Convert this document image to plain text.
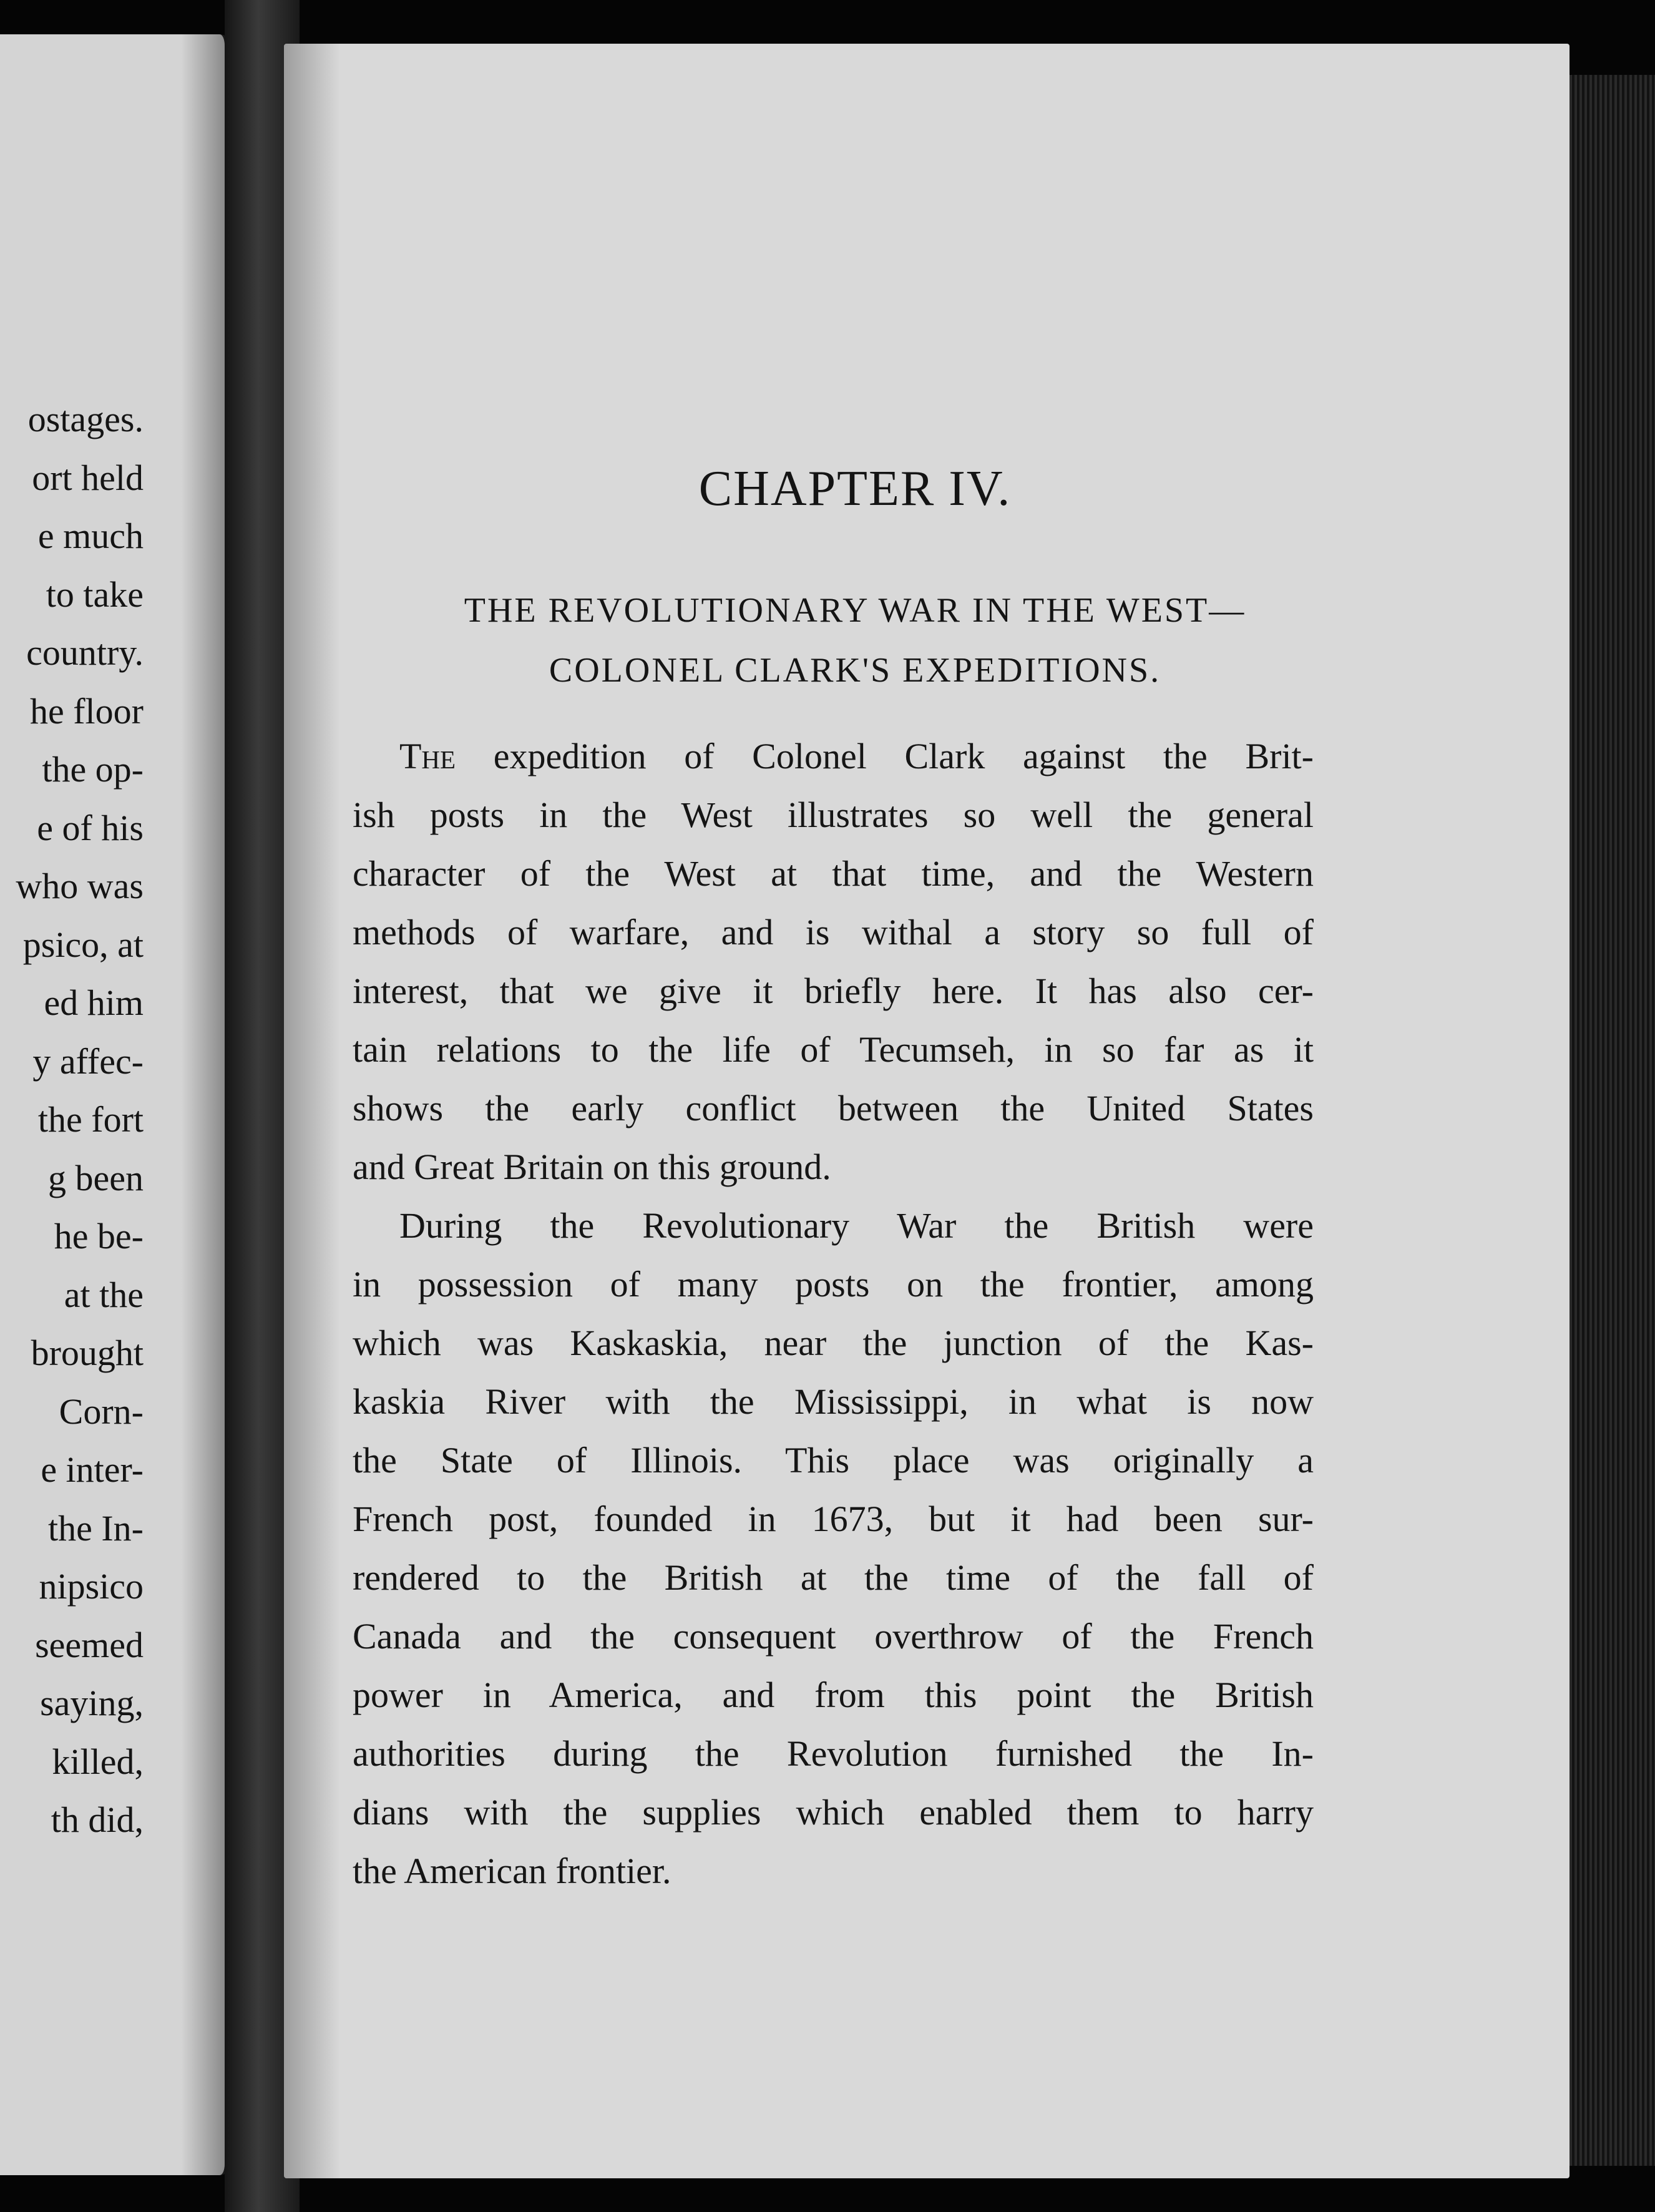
ostages.
ort held
e much
to take
country.
he floor
the op-
e of his
who was
psico, at
ed him
y affec-
the fort
g been
he be-
at the
brought
Corn-
e inter-
the In-
nipsico
seemed
saying,
killed,
th did,
CHAPTER IV.
THE REVOLUTIONARY WAR IN THE WEST—
COLONEL CLARK'S EXPEDITIONS.
The expedition of Colonel Clark against the Brit-
ish posts in the West illustrates so well the general
character of the West at that time, and the Western
methods of warfare, and is withal a story so full of
interest, that we give it briefly here. It has also cer-
tain relations to the life of Tecumseh, in so far as it
shows the early conflict between the United States
and Great Britain on this ground.
During the Revolutionary War the British were
in possession of many posts on the frontier, among
which was Kaskaskia, near the junction of the Kas-
kaskia River with the Mississippi, in what is now
the State of Illinois. This place was originally a
French post, founded in 1673, but it had been sur-
rendered to the British at the time of the fall of
Canada and the consequent overthrow of the French
power in America, and from this point the British
authorities during the Revolution furnished the In-
dians with the supplies which enabled them to harry
the American frontier.
